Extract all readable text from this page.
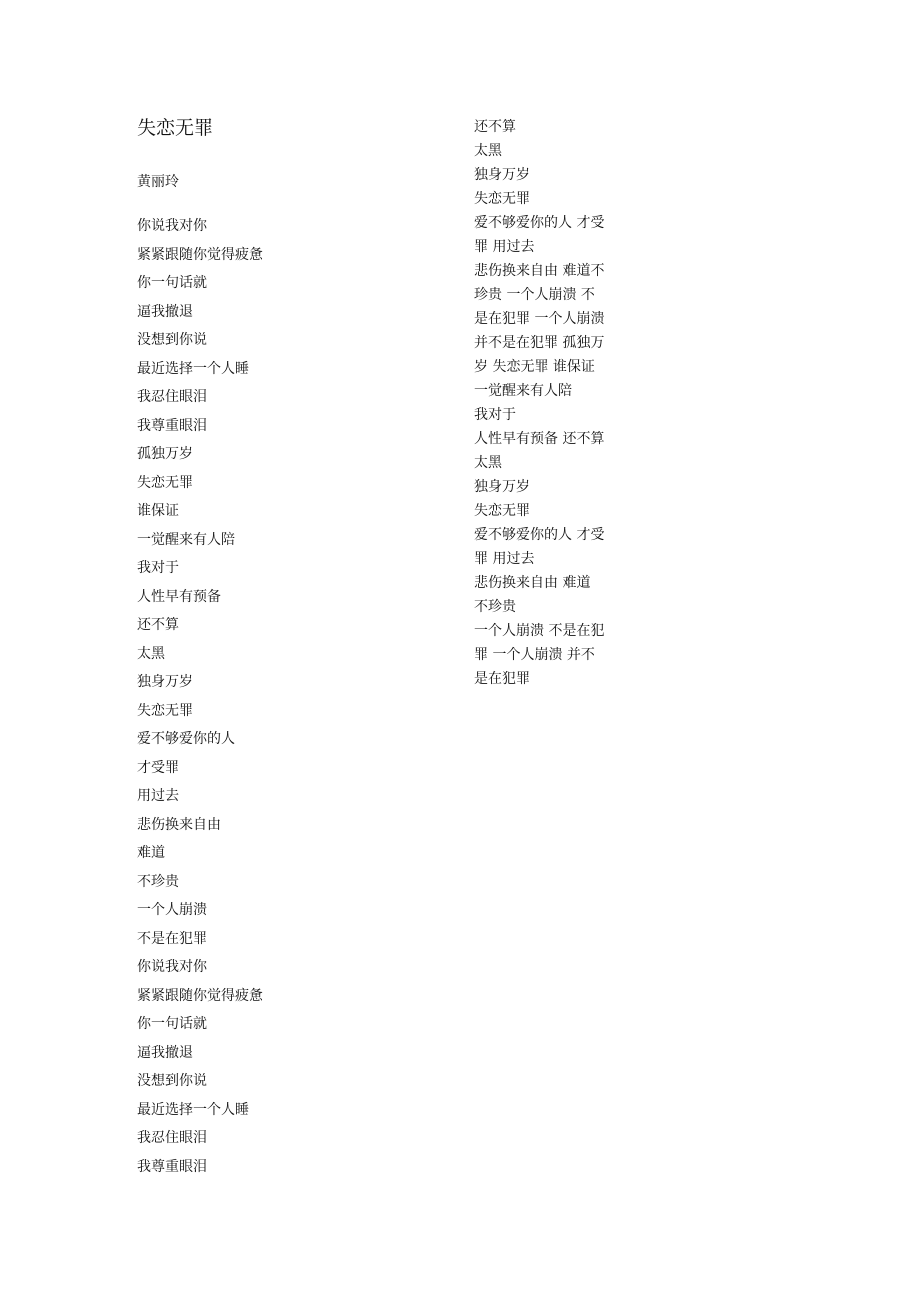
失恋无罪
黄丽玲
你说我对你
紧紧跟随你觉得疲惫
你一句话就
逼我撤退
没想到你说
最近选择一个人睡
我忍住眼泪
我尊重眼泪
孤独万岁
失恋无罪
谁保证
一觉醒来有人陪
我对于
人性早有预备
还不算
太黑
独身万岁
失恋无罪
爱不够爱你的人
才受罪
用过去
悲伤换来自由
难道
不珍贵
一个人崩溃
不是在犯罪
你说我对你
紧紧跟随你觉得疲惫
你一句话就
逼我撤退
没想到你说
最近选择一个人睡
我忍住眼泪
我尊重眼泪
还不算
太黑
独身万岁
失恋无罪
爱不够爱你的人 才受
罪 用过去
悲伤换来自由 难道不
珍贵 一个人崩溃 不
是在犯罪 一个人崩溃
并不是在犯罪 孤独万
岁 失恋无罪 谁保证
一觉醒来有人陪
我对于
人性早有预备 还不算
太黑
独身万岁
失恋无罪
爱不够爱你的人 才受
罪 用过去
悲伤换来自由 难道
不珍贵
一个人崩溃 不是在犯
罪 一个人崩溃 并不
是在犯罪
